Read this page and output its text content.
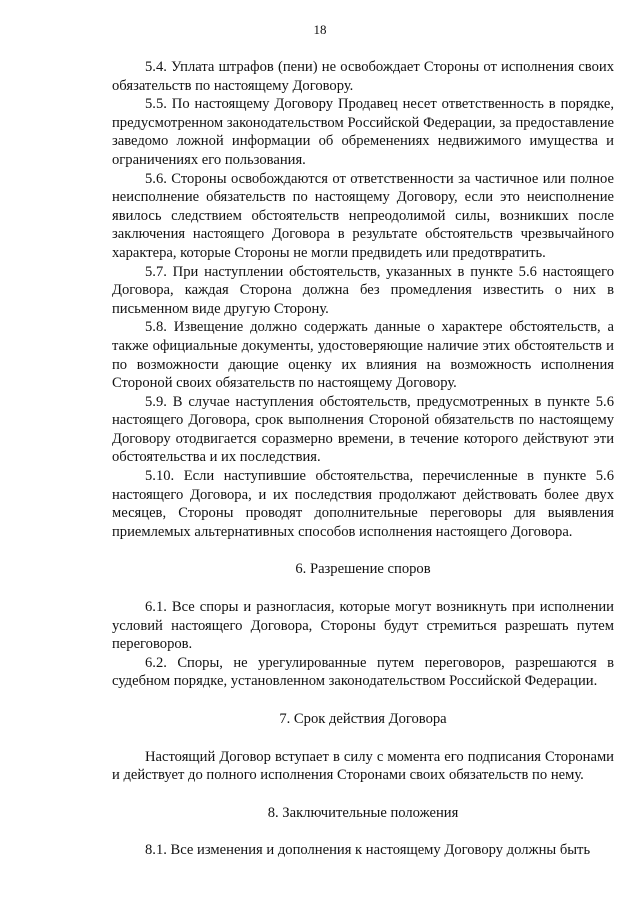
18

5.4. Уплата штрафов (пени) не освобождает Стороны от исполнения своих обязательств по настоящему Договору.

5.5. По настоящему Договору Продавец несет ответственность в порядке, предусмотренном законодательством Российской Федерации, за предоставление заведомо ложной информации об обременениях недвижимого имущества и ограничениях его пользования.

5.6. Стороны освобождаются от ответственности за частичное или полное неисполнение обязательств по настоящему Договору, если это неисполнение явилось следствием обстоятельств непреодолимой силы, возникших после заключения настоящего Договора в результате обстоятельств чрезвычайного характера, которые Стороны не могли предвидеть или предотвратить.

5.7. При наступлении обстоятельств, указанных в пункте 5.6 настоящего Договора, каждая Сторона должна без промедления известить о них в письменном виде другую Сторону.

5.8. Извещение должно содержать данные о характере обстоятельств, а также официальные документы, удостоверяющие наличие этих обстоятельств и по возможности дающие оценку их влияния на возможность исполнения Стороной своих обязательств по настоящему Договору.

5.9. В случае наступления обстоятельств, предусмотренных в пункте 5.6 настоящего Договора, срок выполнения Стороной обязательств по настоящему Договору отодвигается соразмерно времени, в течение которого действуют эти обстоятельства и их последствия.

5.10. Если наступившие обстоятельства, перечисленные в пункте 5.6 настоящего Договора, и их последствия продолжают действовать более двух месяцев, Стороны проводят дополнительные переговоры для выявления приемлемых альтернативных способов исполнения настоящего Договора.

6. Разрешение споров

6.1. Все споры и разногласия, которые могут возникнуть при исполнении условий настоящего Договора, Стороны будут стремиться разрешать путем переговоров.

6.2. Споры, не урегулированные путем переговоров, разрешаются в судебном порядке, установленном законодательством Российской Федерации.

7. Срок действия Договора

Настоящий Договор вступает в силу с момента его подписания Сторонами и действует до полного исполнения Сторонами своих обязательств по нему.

8. Заключительные положения

8.1. Все изменения и дополнения к настоящему Договору должны быть
